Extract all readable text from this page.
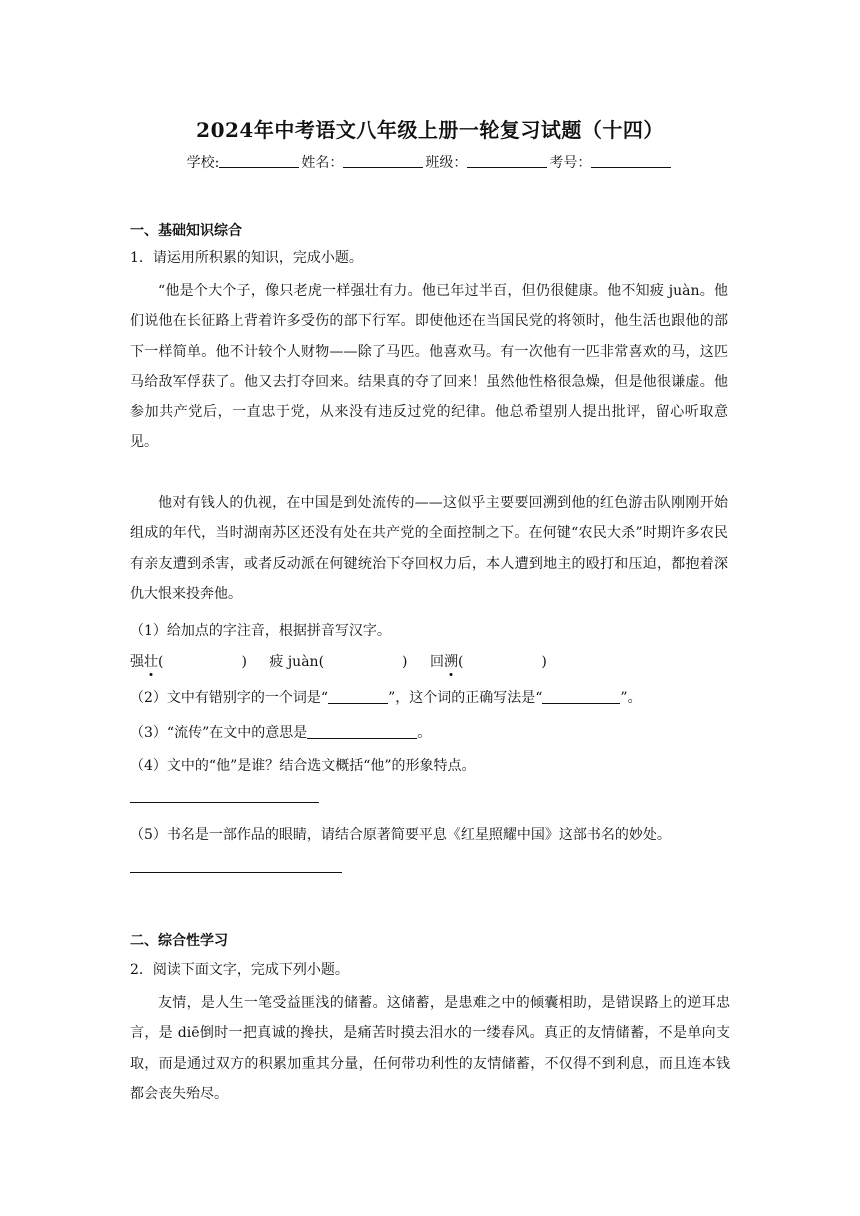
2024年中考语文八年级上册一轮复习试题（十四）
学校:	姓名：	班级：	考号：
一、基础知识综合
1．请运用所积累的知识，完成小题。
“他是个大个子，像只老虎一样强壮有力。他已年过半百，但仍很健康。他不知疲 juàn。他们说他在长征路上背着许多受伤的部下行军。即使他还在当国民党的将领时，他生活也跟他的部下一样简单。他不计较个人财物——除了马匹。他喜欢马。有一次他有一匹非常喜欢的马，这匹马给敌军俘获了。他又去打夺回来。结果真的夺了回来！虽然他性格很急燥，但是他很谦虚。他参加共产党后，一直忠于党，从来没有违反过党的纪律。他总希望别人提出批评，留心听取意见。
他对有钱人的仇视，在中国是到处流传的——这似乎主要要回溯到他的红色游击队刚刚开始组成的年代，当时湖南苏区还没有处在共产党的全面控制之下。在何键“农民大杀”时期许多农民有亲友遭到杀害，或者反动派在何键统治下夺回权力后，本人遭到地主的殴打和压迫，都抱着深仇大恨来投奔他。
（1）给加点的字注音，根据拼音写汉字。
强壮(	) 疲 juàn(	) 回溯(	)
（2）文中有错别字的一个词是“	”，这个词的正确写法是“	”。
（3）“流传”在文中的意思是	。
（4）文中的“他”是谁？结合选文概括“他”的形象特点。
（5）书名是一部作品的眼睛，请结合原著简要平息《红星照耀中国》这部书名的妙处。
二、综合性学习
2．阅读下面文字，完成下列小题。
友情，是人生一笔受益匪浅的储蓄。这储蓄，是患难之中的倾囊相助，是错误路上的逆耳忠言，是 diē倒时一把真诚的搀扶，是痛苦时摸去泪水的一缕春风。真正的友情储蓄，不是单向支取，而是通过双方的积累加重其分量，任何带功利性的友情储蓄，不仅得不到利息，而且连本钱都会丧失殆尽。
